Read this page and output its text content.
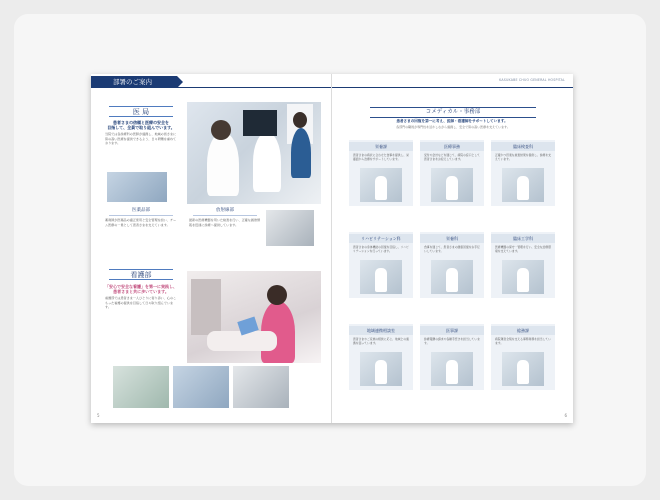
部署のご案内	KASUKABE CHUO GENERAL HOSPITAL
医 局
患者さまの信頼と医療の安全を
目指して、全員で取り組んでいます。
当院では各診療科の医師が連携し、地域の皆さまに質の高い医療を提供できるよう、日々研鑽を重ねております。
医薬品部
薬剤師が医薬品の適正使用と安全管理を担い、チーム医療の一員として患者さまを支えています。
放射線部
最新の医療機器を用いた検査を行い、正確な画像情報を迅速に診療へ提供しています。
看護部
「安心で安全な看護」を第一に実践し、
患者さまと共に歩いています。
看護部では患者さま一人ひとりに寄り添い、心のこもった看護の提供を目指して日々取り組んでいます。
5
コメディカル・事務部
患者さまの回復を第一に考え、医師・看護師をサポートしています。
各部門の職員が専門性を活かしながら連携し、安全で質の高い医療を支えています。
栄養課
患者さまの病状に合わせた食事を提供し、栄養面から治療をサポートしています。
医療事務
受付や会計などを通じて、病院の窓口として患者さまをお迎えしています。
臨床検査科
正確かつ迅速な検査結果を提供し、診療を支えています。
リハビリテーション科
患者さまの身体機能の回復を目指し、リハビリテーションを行っています。
栄養科
食事を通じて、患者さまの健康回復をお手伝いしています。
臨床工学科
医療機器の保守・管理を行い、安全な治療環境を支えています。
地域連携相談室
患者さまやご家族の相談に応じ、地域との連携を図っています。
医事課
診療報酬の請求や各種手続きを担当しています。
総務課
病院運営全般を支える事務業務を担当しています。
6
